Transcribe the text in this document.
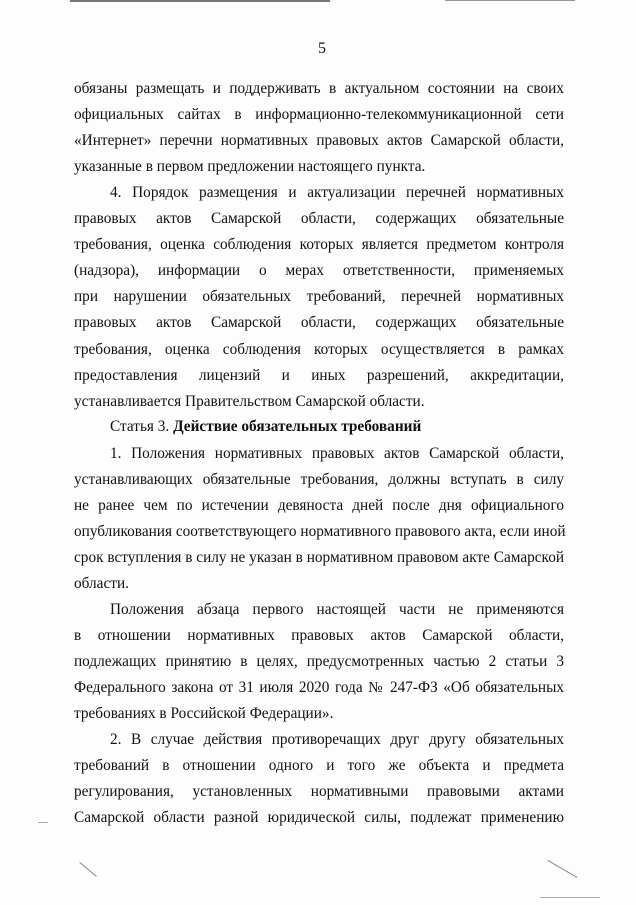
5
обязаны размещать и поддерживать в актуальном состоянии на своих
официальных сайтах в информационно-телекоммуникационной сети
«Интернет» перечни нормативных правовых актов Самарской области,
указанные в первом предложении настоящего пункта.
4. Порядок размещения и актуализации перечней нормативных
правовых актов Самарской области, содержащих обязательные
требования, оценка соблюдения которых является предметом контроля
(надзора), информации о мерах ответственности, применяемых
при нарушении обязательных требований, перечней нормативных
правовых актов Самарской области, содержащих обязательные
требования, оценка соблюдения которых осуществляется в рамках
предоставления лицензий и иных разрешений, аккредитации,
устанавливается Правительством Самарской области.
Статья 3. Действие обязательных требований
1. Положения нормативных правовых актов Самарской области,
устанавливающих обязательные требования, должны вступать в силу
не ранее чем по истечении девяноста дней после дня официального
опубликования соответствующего нормативного правового акта, если иной
срок вступления в силу не указан в нормативном правовом акте Самарской
области.
Положения абзаца первого настоящей части не применяются
в отношении нормативных правовых актов Самарской области,
подлежащих принятию в целях, предусмотренных частью 2 статьи 3
Федерального закона от 31 июля 2020 года № 247-ФЗ «Об обязательных
требованиях в Российской Федерации».
2. В случае действия противоречащих друг другу обязательных
требований в отношении одного и того же объекта и предмета
регулирования, установленных нормативными правовыми актами
Самарской области разной юридической силы, подлежат применению
